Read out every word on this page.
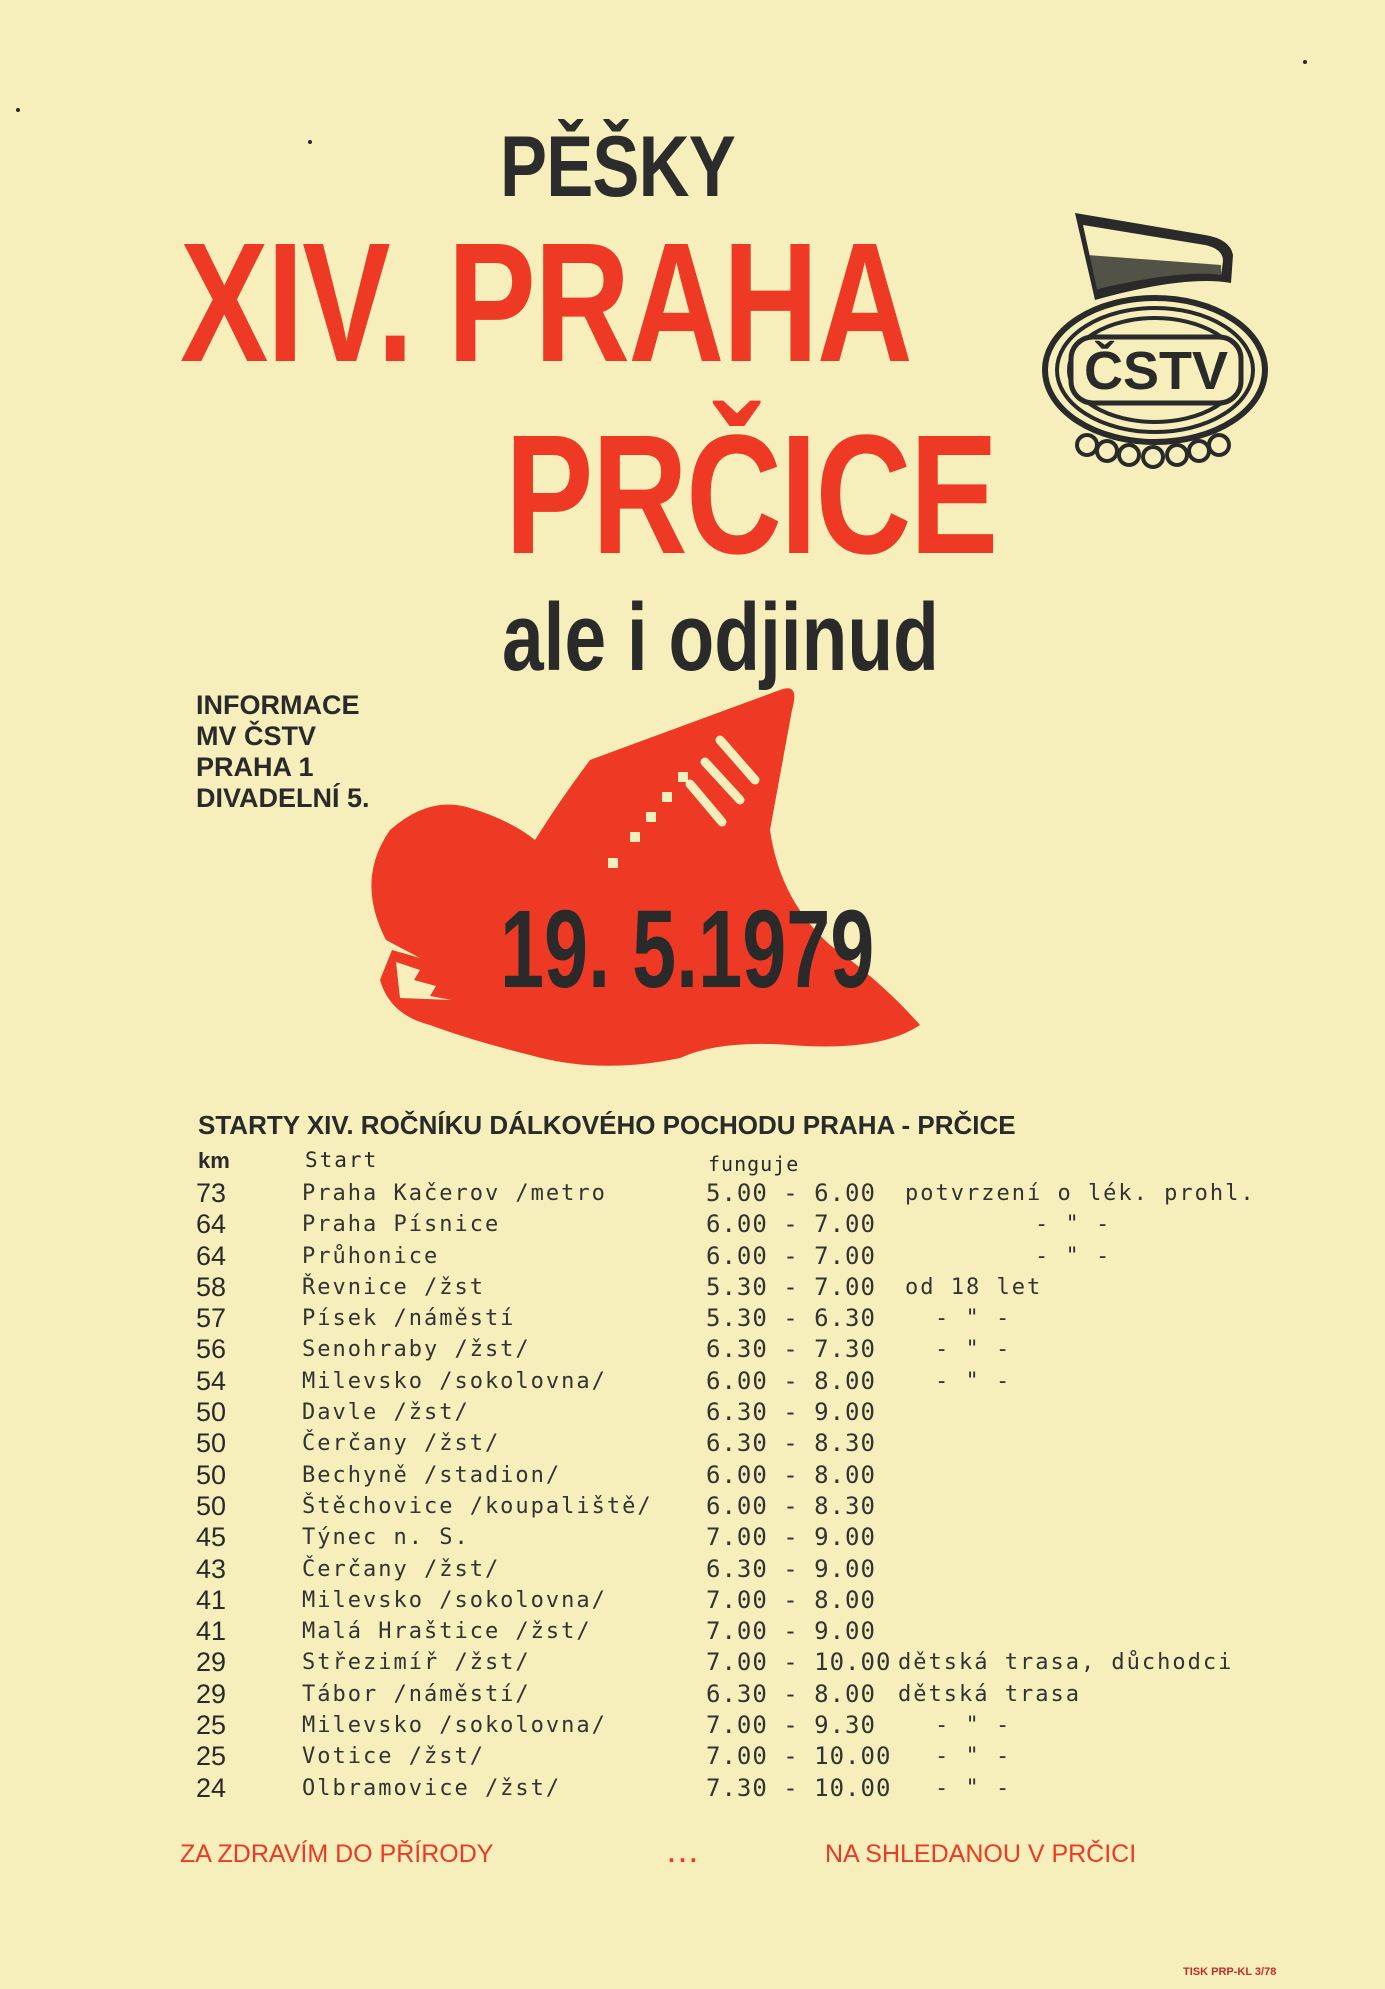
PĚŠKY
XIV. PRAHA
PRČICE
ale i odjinud
ČSTV
INFORMACE
MV ČSTV
PRAHA 1
DIVADELNÍ 5.
19. 5.1979
STARTY XIV. ROČNÍKU DÁLKOVÉHO POCHODU PRAHA - PRČICE
km	Start	funguje
73	Praha Kačerov /metro	5.00 - 6.00 potvrzení o lék. prohl.
64	Praha Písnice	6.00 - 7.00	- " -
64	Průhonice	6.00 - 7.00	- " -
58	Řevnice /žst	5.30 - 7.00 od 18 let
57	Písek /náměstí	5.30 - 6.30	- " -
56	Senohraby /žst/	6.30 - 7.30	- " -
54	Milevsko /sokolovna/	6.00 - 8.00	- " -
50	Davle /žst/	6.30 - 9.00
50	Čerčany /žst/	6.30 - 8.30
50	Bechyně /stadion/	6.00 - 8.00
50	Štěchovice /koupaliště/ 6.00 - 8.30
45	Týnec n. S.	7.00 - 9.00
43	Čerčany /žst/	6.30 - 9.00
41	Milevsko /sokolovna/	7.00 - 8.00
41	Malá Hraštice /žst/	7.00 - 9.00
29	Střezimíř /žst/	7.00 - 10.00 dětská trasa, důchodci
29	Tábor /náměstí/	6.30 - 8.00 dětská trasa
25	Milevsko /sokolovna/	7.00 - 9.30	- " -
25	Votice /žst/	7.00 - 10.00 - " -
24	Olbramovice /žst/	7.30 - 10.00 - " -
ZA ZDRAVÍM DO PŘÍRODY	...	NA SHLEDANOU V PRČICI
TISK PRP-KL 3/78
